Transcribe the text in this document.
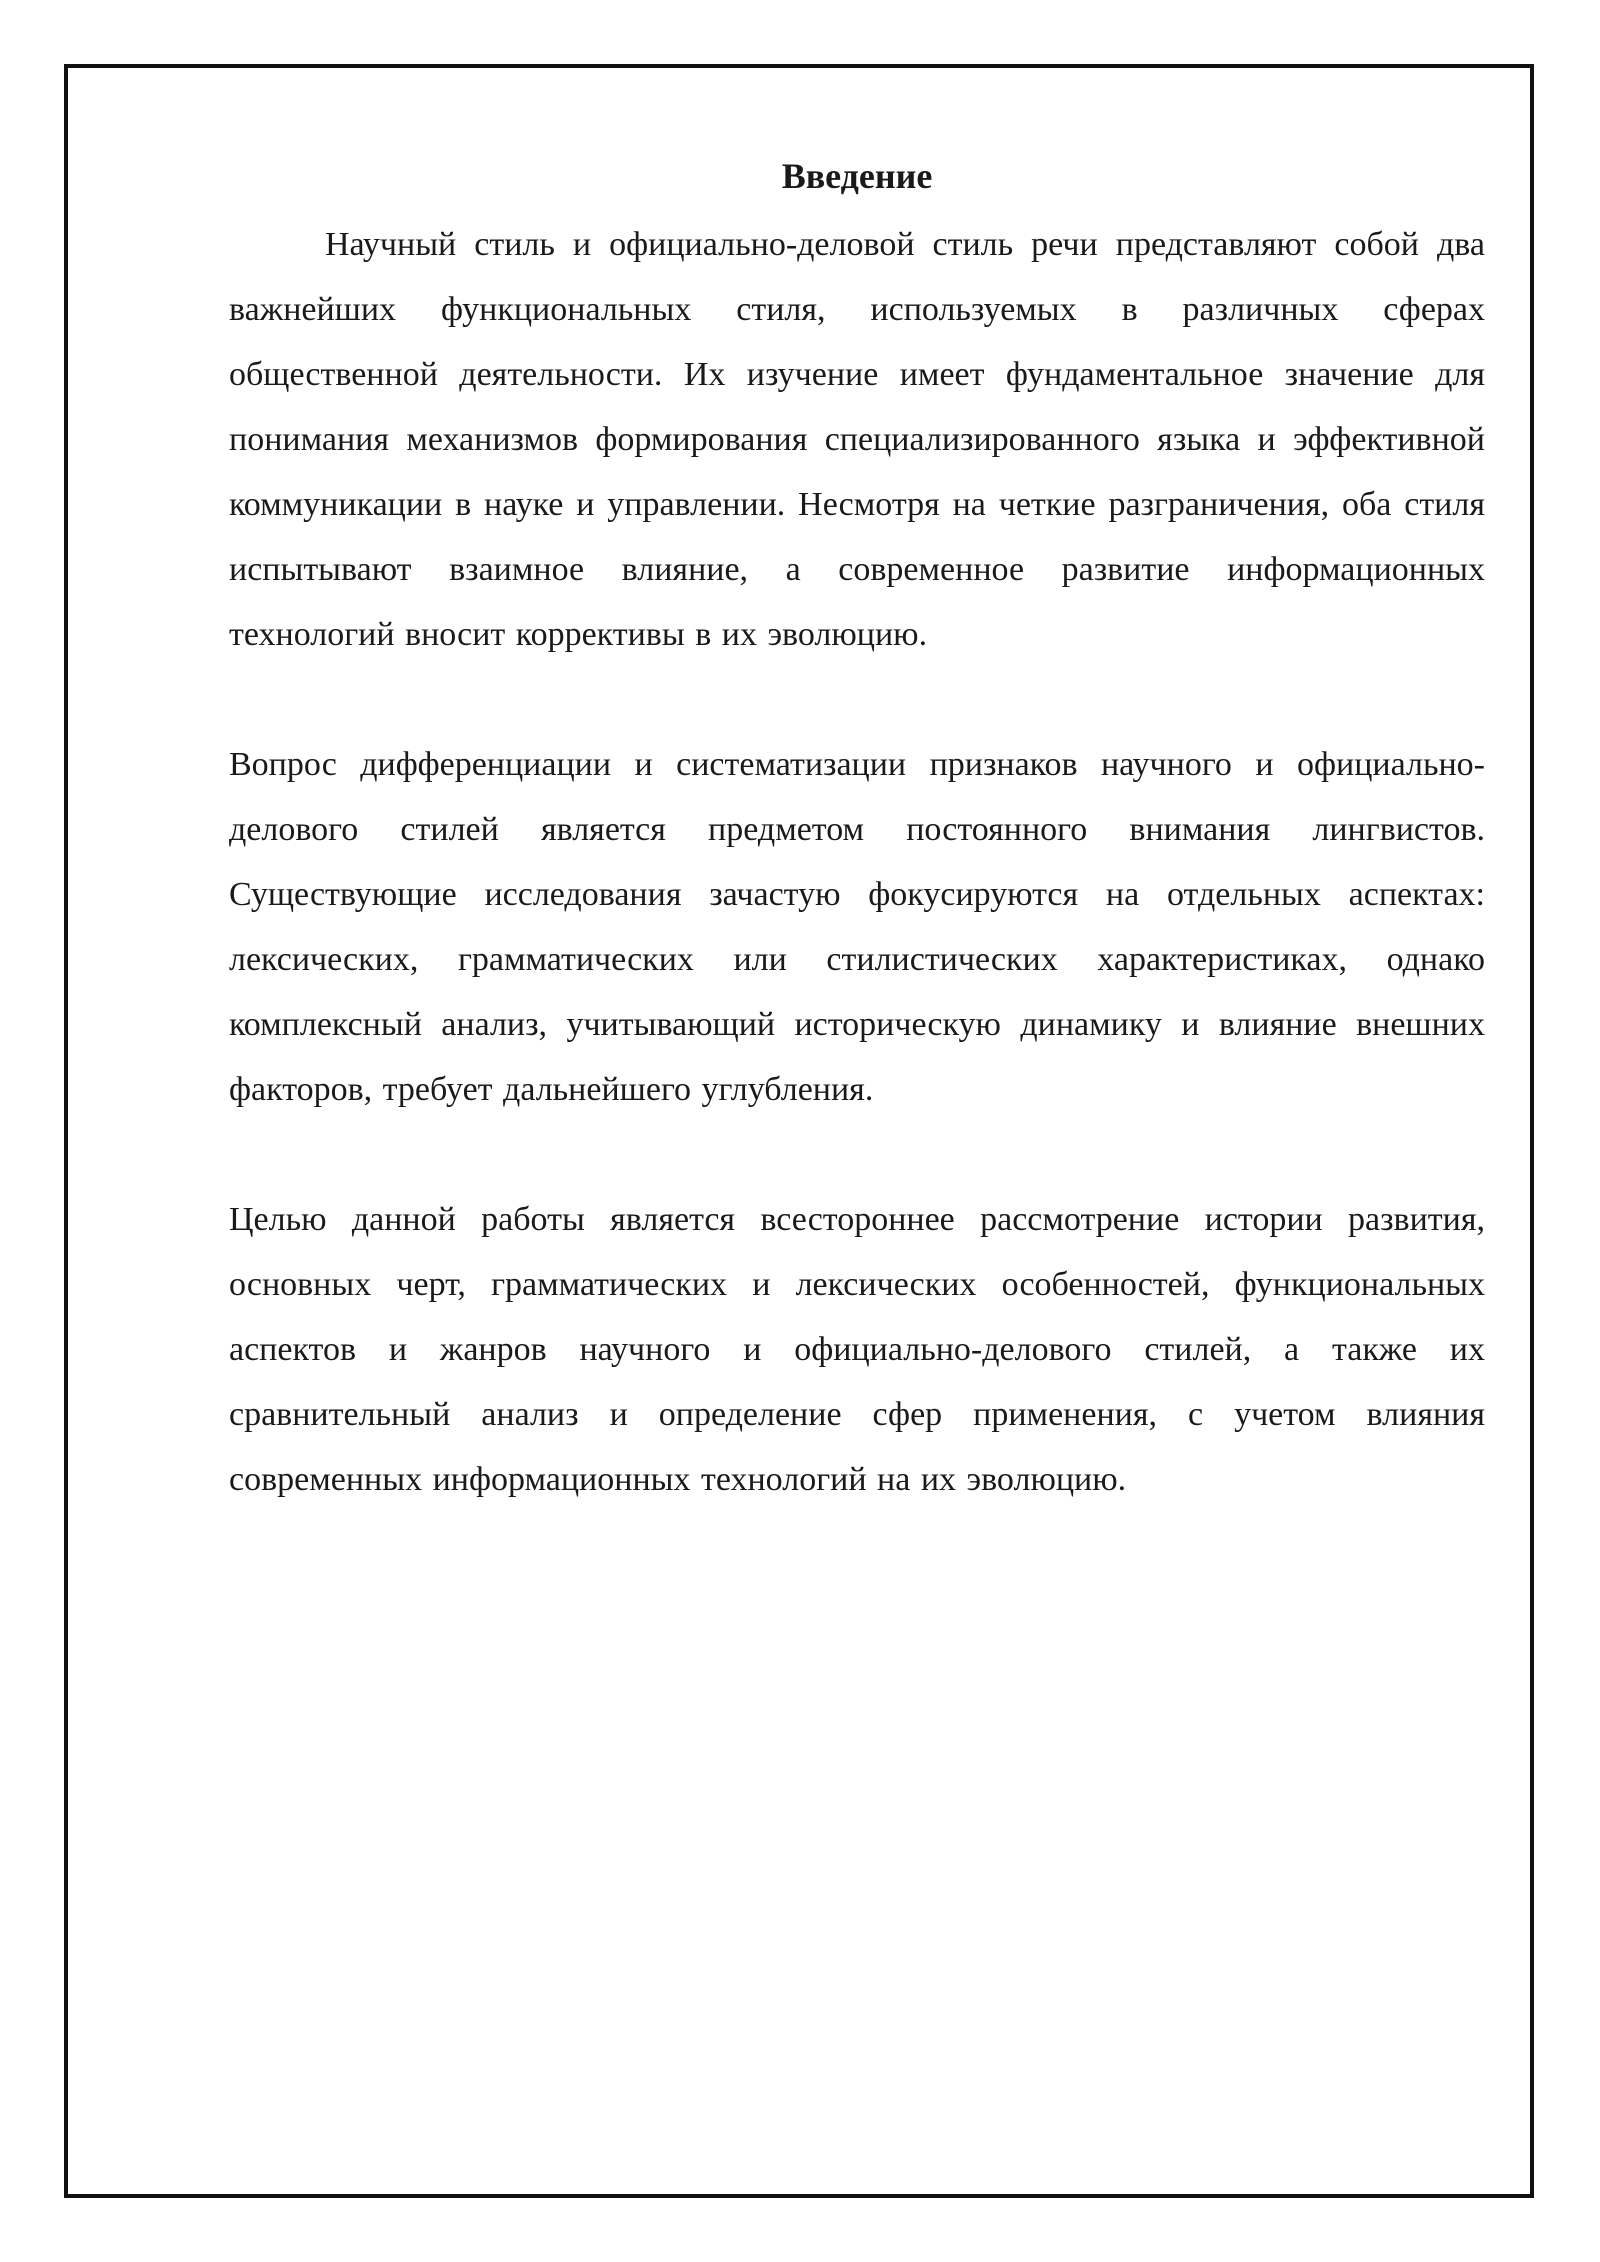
Введение

Научный стиль и официально-деловой стиль речи представляют собой два важнейших функциональных стиля, используемых в различных сферах общественной деятельности. Их изучение имеет фундаментальное значение для понимания механизмов формирования специализированного языка и эффективной коммуникации в науке и управлении. Несмотря на четкие разграничения, оба стиля испытывают взаимное влияние, а современное развитие информационных технологий вносит коррективы в их эволюцию.

Вопрос дифференциации и систематизации признаков научного и официально-делового стилей является предметом постоянного внимания лингвистов. Существующие исследования зачастую фокусируются на отдельных аспектах: лексических, грамматических или стилистических характеристиках, однако комплексный анализ, учитывающий историческую динамику и влияние внешних факторов, требует дальнейшего углубления.

Целью данной работы является всестороннее рассмотрение истории развития, основных черт, грамматических и лексических особенностей, функциональных аспектов и жанров научного и официально-делового стилей, а также их сравнительный анализ и определение сфер применения, с учетом влияния современных информационных технологий на их эволюцию.
